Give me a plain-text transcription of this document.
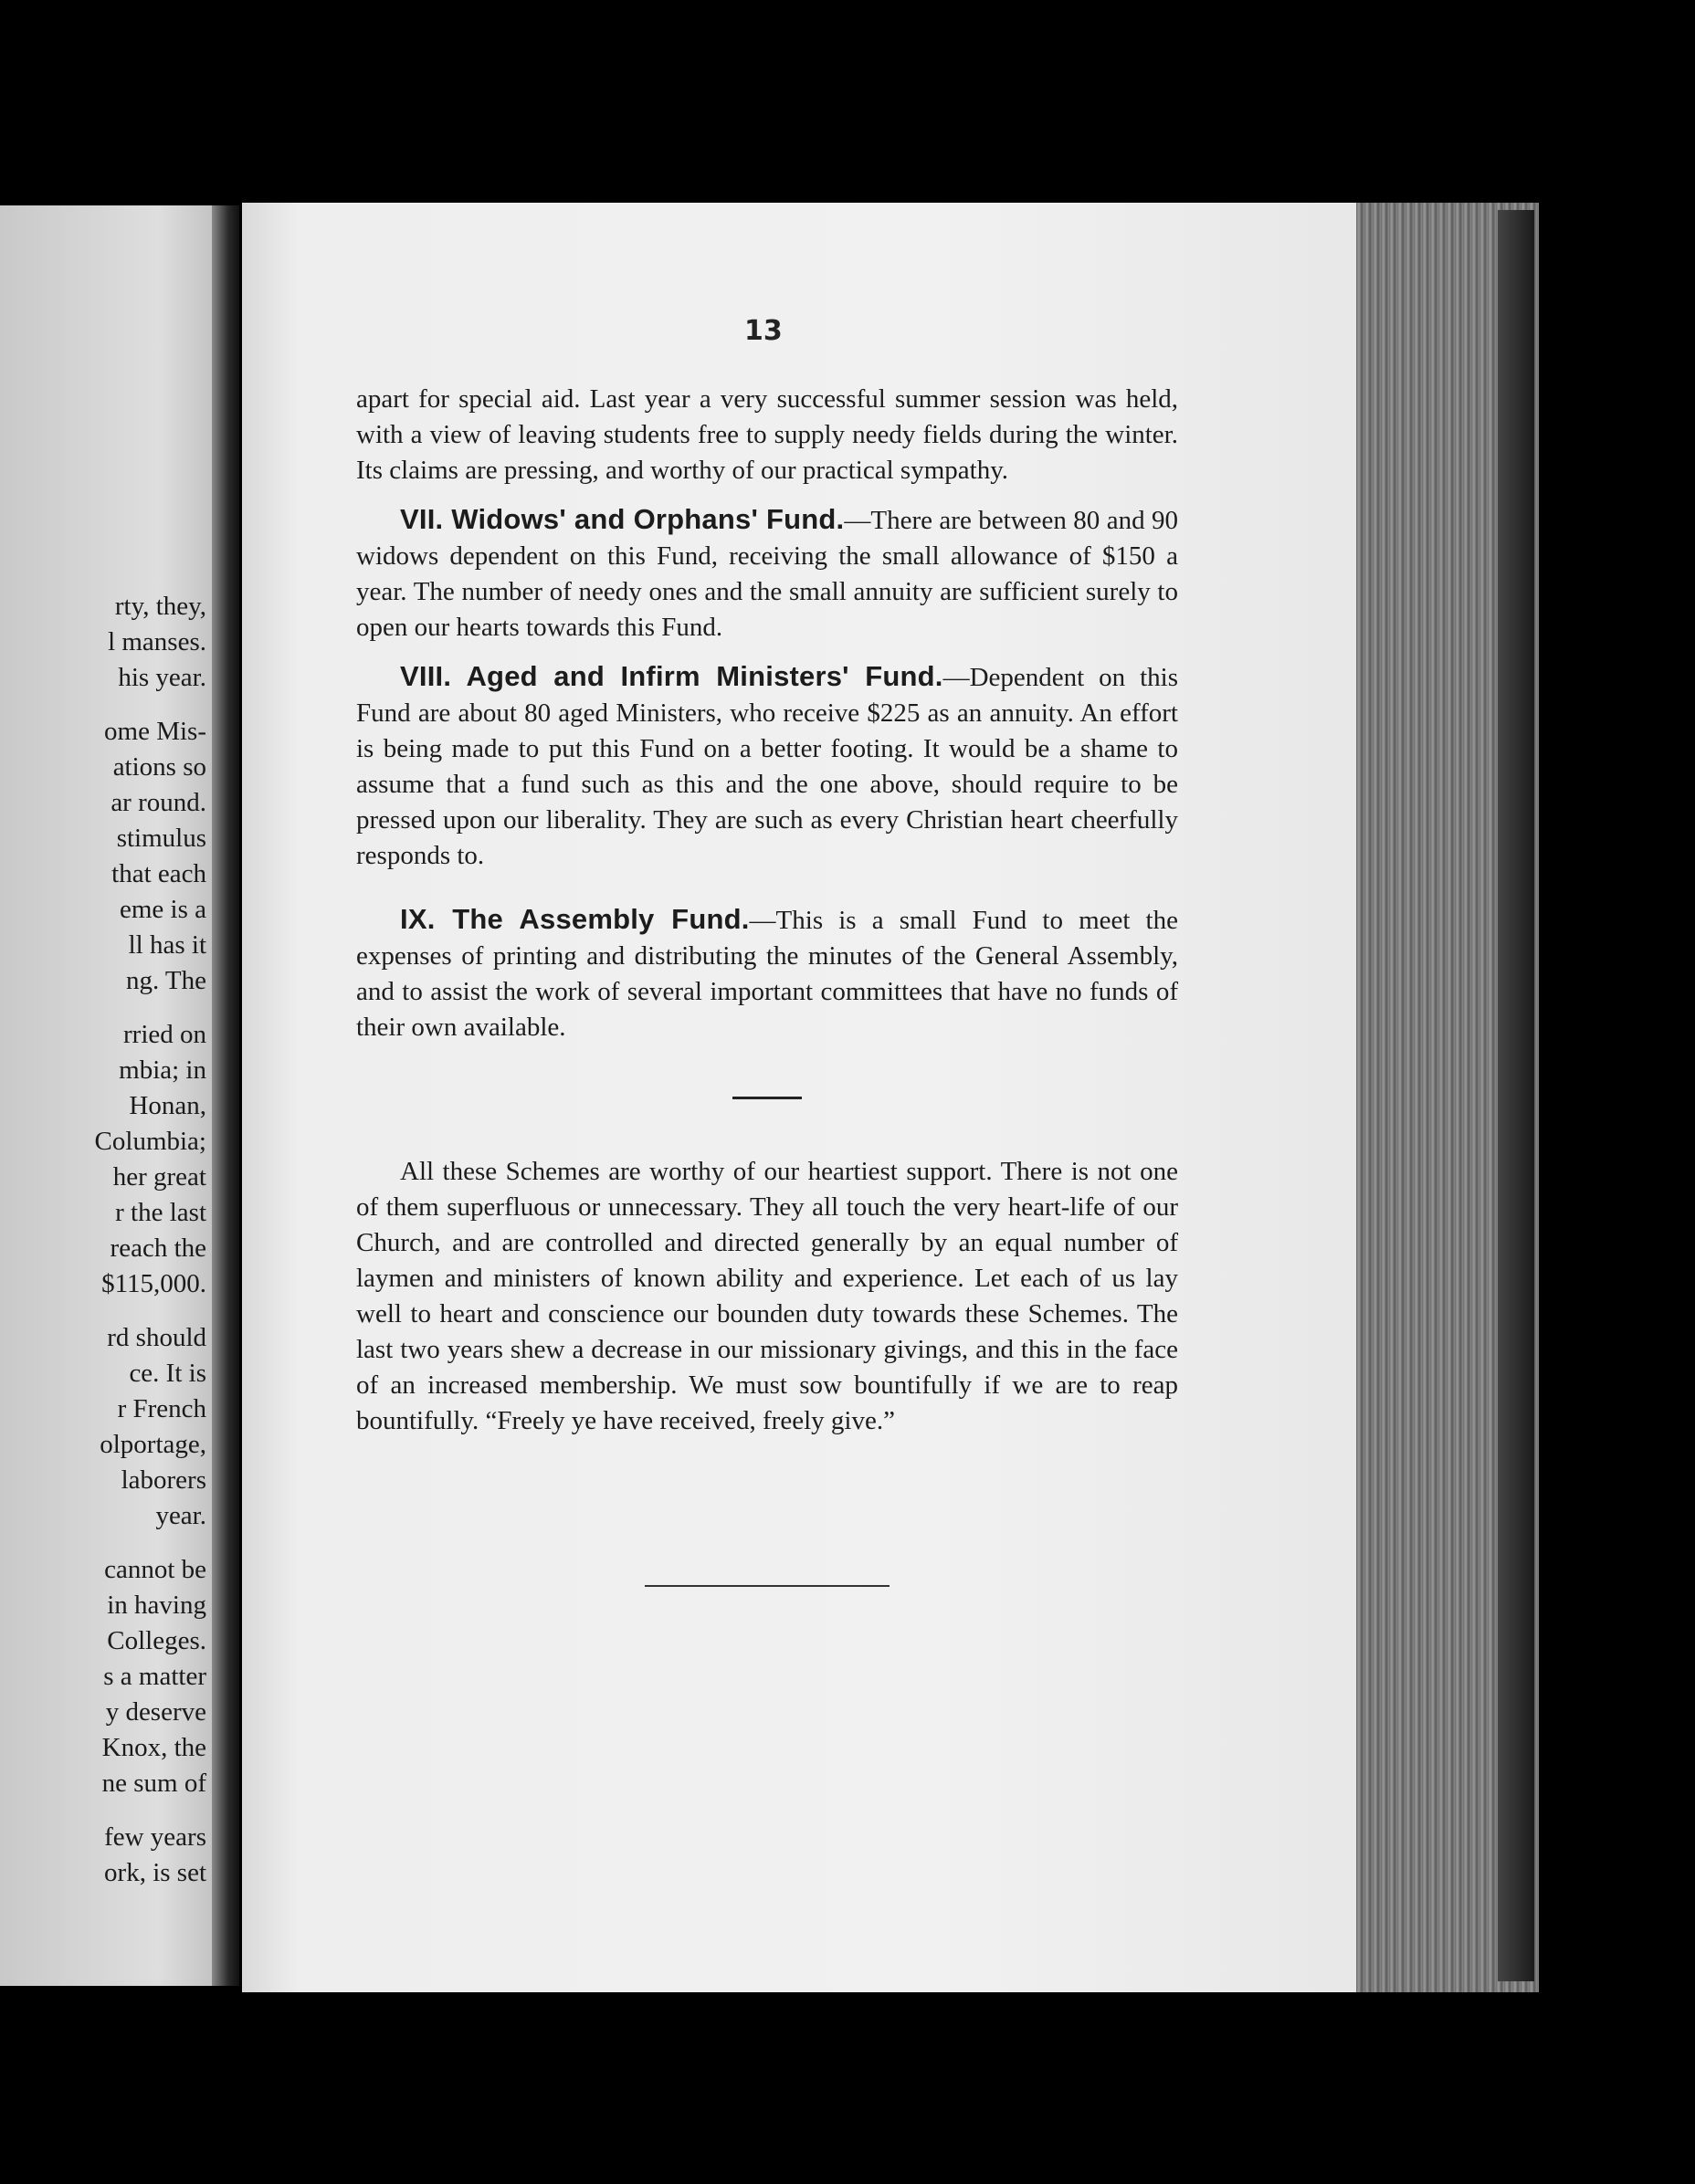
rty, they,
l manses.
his year.
ome Mis-
ations so
ar round.
stimulus
that each
eme is a
ll has it
ng. The
rried on
mbia; in
Honan,
Columbia;
her great
r the last
reach the
$115,000.
rd should
ce. It is
r French
olportage,
laborers
year.
cannot be
in having
Colleges.
s a matter
y deserve
Knox, the
ne sum of
few years
ork, is set
13

apart for special aid. Last year a very successful summer session was held, with a view of leaving students free to supply needy fields during the winter. Its claims are pressing, and worthy of our practical sympathy.

VII. Widows' and Orphans' Fund.—There are between 80 and 90 widows dependent on this Fund, receiving the small allowance of $150 a year. The number of needy ones and the small annuity are sufficient surely to open our hearts towards this Fund.

VIII. Aged and Infirm Ministers' Fund.—Dependent on this Fund are about 80 aged Ministers, who receive $225 as an annuity. An effort is being made to put this Fund on a better footing. It would be a shame to assume that a fund such as this and the one above, should require to be pressed upon our liberality. They are such as every Christian heart cheerfully responds to.

IX. The Assembly Fund.—This is a small Fund to meet the expenses of printing and distributing the minutes of the General Assembly, and to assist the work of several important committees that have no funds of their own available.

All these Schemes are worthy of our heartiest support. There is not one of them superfluous or unnecessary. They all touch the very heart-life of our Church, and are controlled and directed generally by an equal number of laymen and ministers of known ability and experience. Let each of us lay well to heart and conscience our bounden duty towards these Schemes. The last two years shew a decrease in our missionary givings, and this in the face of an increased membership. We must sow bountifully if we are to reap bountifully. “Freely ye have received, freely give.”
